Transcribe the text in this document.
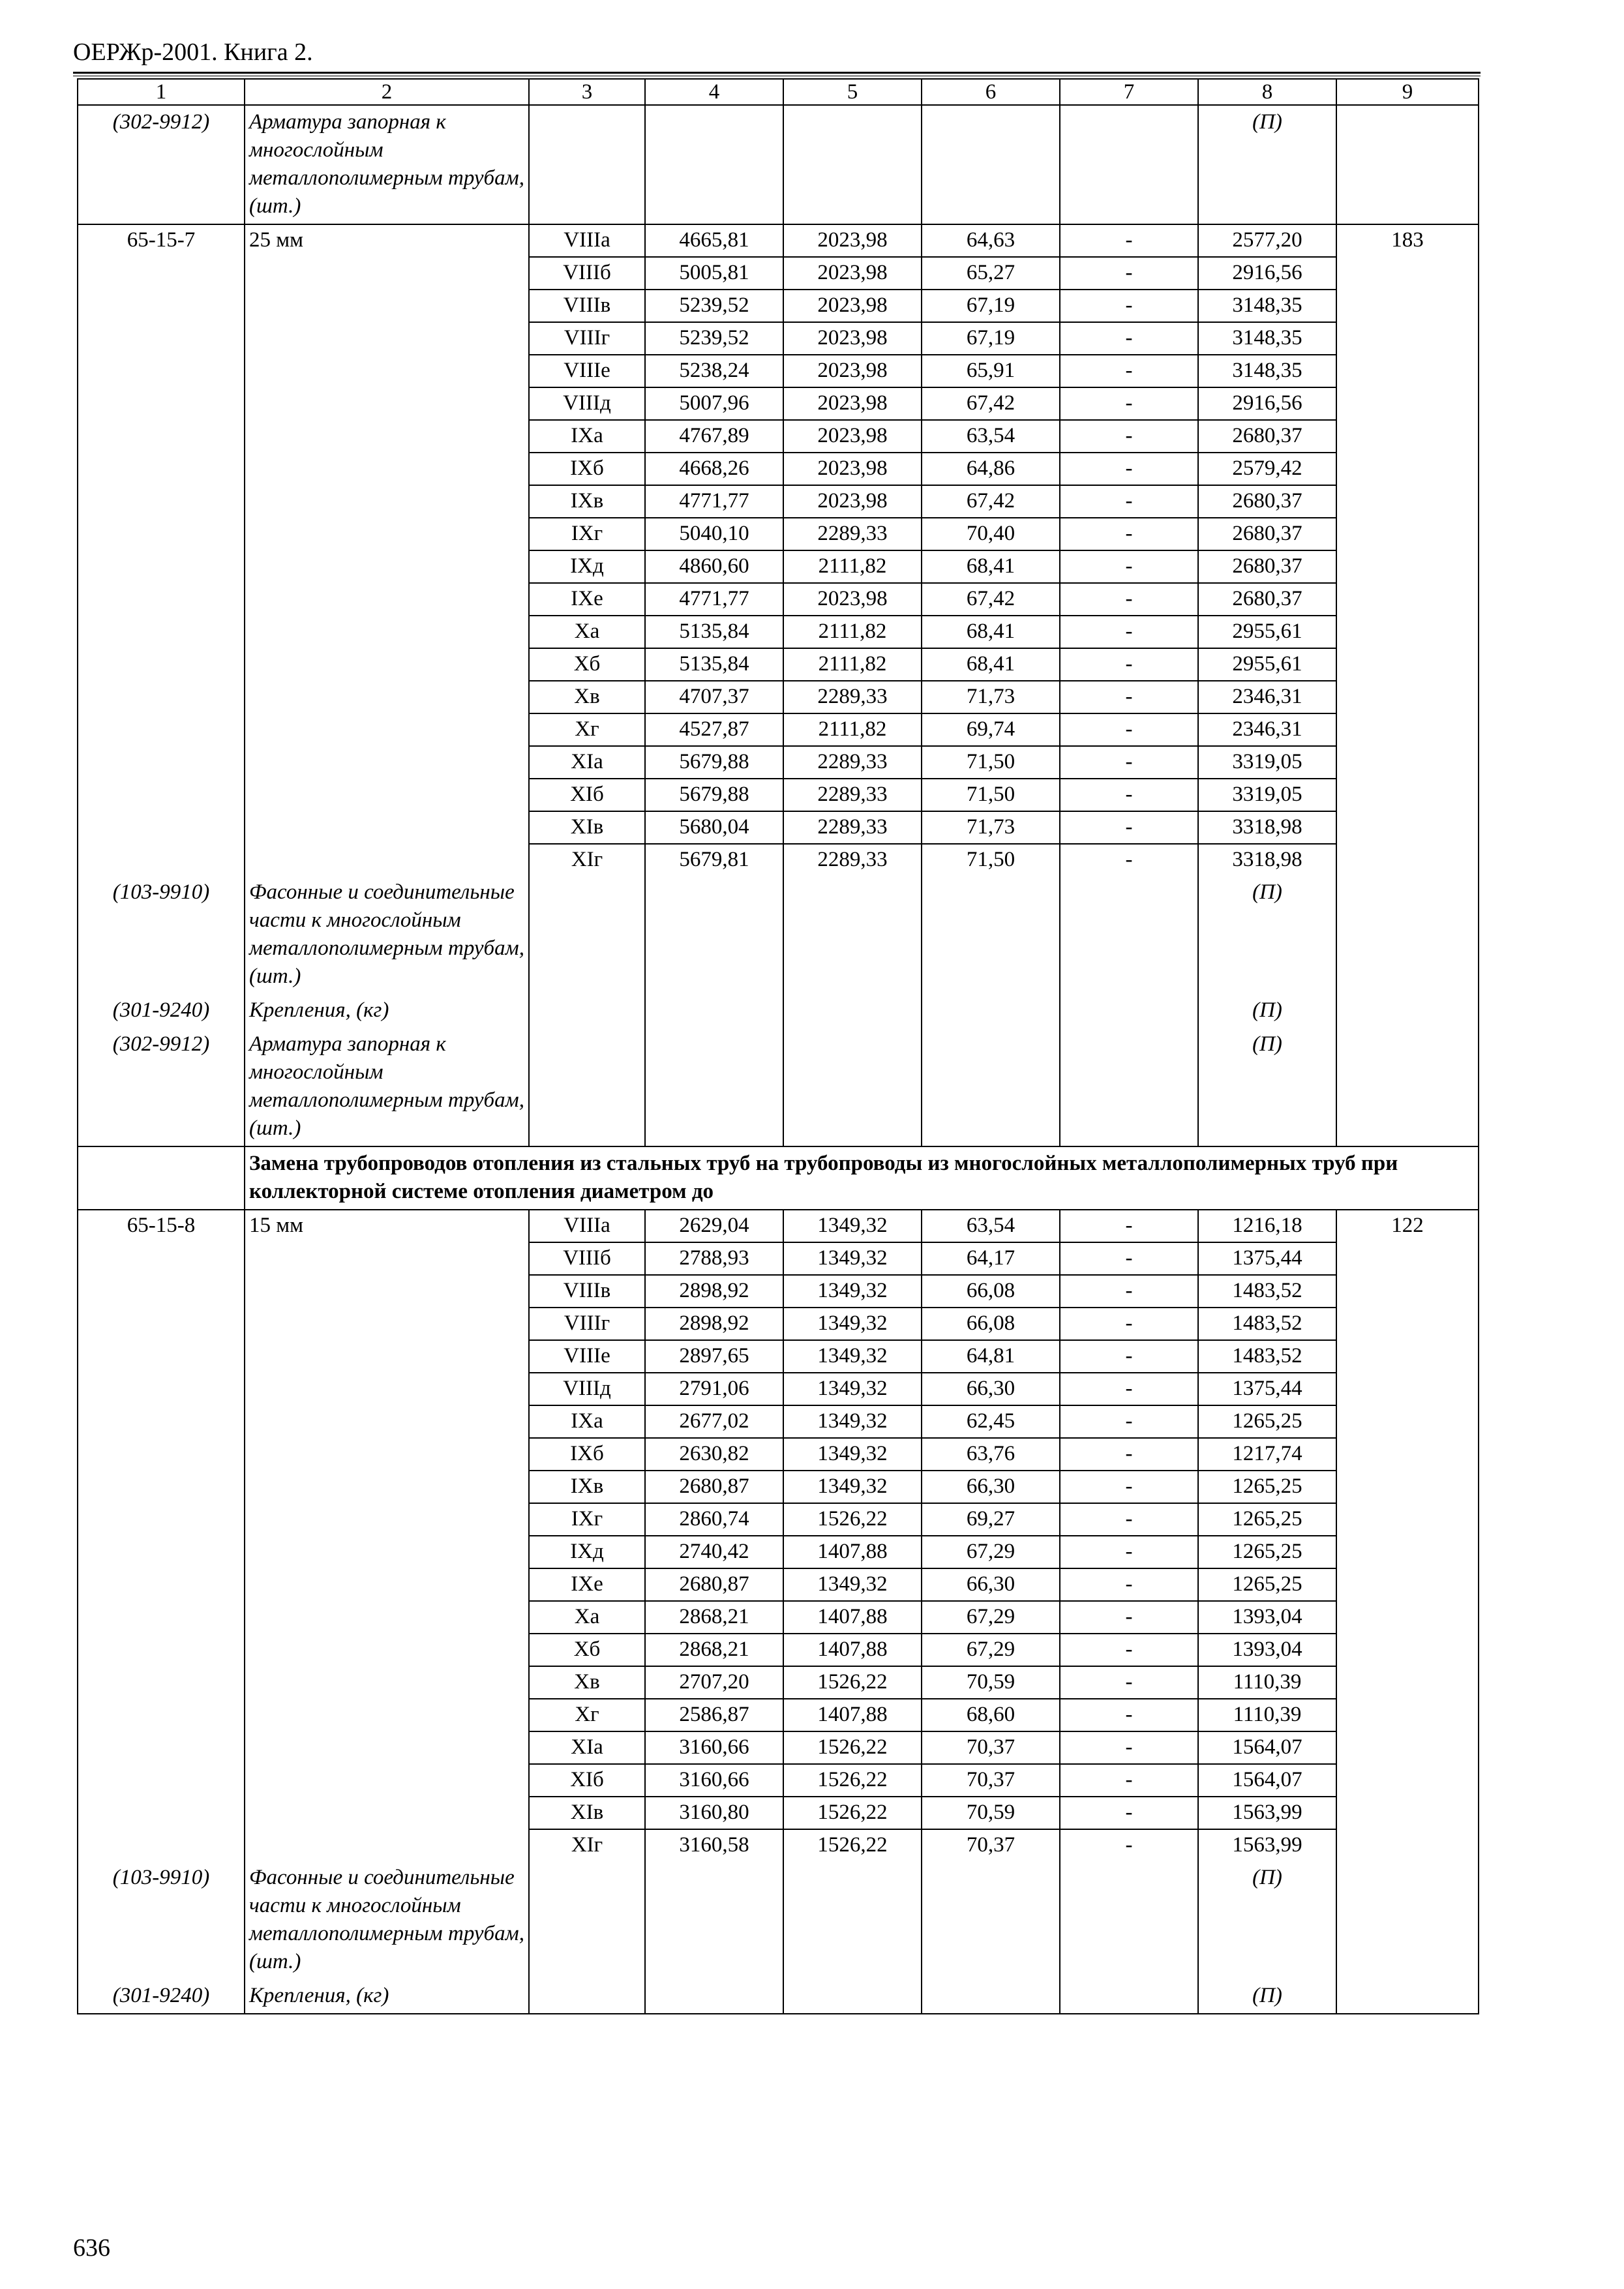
ОЕРЖр-2001. Книга 2.
1	2	3	4	5	6	7	8	9
(302-9912)	Арматура запорная к многослойным металлополимерным трубам, (шт.)						(П)	
65-15-7	25 мм	VIIIа	4665,81	2023,98	64,63	-	2577,20	183
		VIIIб	5005,81	2023,98	65,27	-	2916,56	
		VIIIв	5239,52	2023,98	67,19	-	3148,35	
		VIIIг	5239,52	2023,98	67,19	-	3148,35	
		VIIIе	5238,24	2023,98	65,91	-	3148,35	
		VIIIд	5007,96	2023,98	67,42	-	2916,56	
		IXа	4767,89	2023,98	63,54	-	2680,37	
		IXб	4668,26	2023,98	64,86	-	2579,42	
		IXв	4771,77	2023,98	67,42	-	2680,37	
		IXг	5040,10	2289,33	70,40	-	2680,37	
		IXд	4860,60	2111,82	68,41	-	2680,37	
		IXе	4771,77	2023,98	67,42	-	2680,37	
		Xа	5135,84	2111,82	68,41	-	2955,61	
		Xб	5135,84	2111,82	68,41	-	2955,61	
		Xв	4707,37	2289,33	71,73	-	2346,31	
		Xг	4527,87	2111,82	69,74	-	2346,31	
		XIа	5679,88	2289,33	71,50	-	3319,05	
		XIб	5679,88	2289,33	71,50	-	3319,05	
		XIв	5680,04	2289,33	71,73	-	3318,98	
		XIг	5679,81	2289,33	71,50	-	3318,98	
(103-9910)	Фасонные и соединительные части к многослойным металлополимерным трубам, (шт.)						(П)	
(301-9240)	Крепления, (кг)						(П)	
(302-9912)	Арматура запорная к многослойным металлополимерным трубам, (шт.)						(П)	
	Замена трубопроводов отопления из стальных труб на трубопроводы из многослойных металлополимерных труб при коллекторной системе отопления диаметром до							
65-15-8	15 мм	VIIIа	2629,04	1349,32	63,54	-	1216,18	122
		VIIIб	2788,93	1349,32	64,17	-	1375,44	
		VIIIв	2898,92	1349,32	66,08	-	1483,52	
		VIIIг	2898,92	1349,32	66,08	-	1483,52	
		VIIIе	2897,65	1349,32	64,81	-	1483,52	
		VIIIд	2791,06	1349,32	66,30	-	1375,44	
		IXа	2677,02	1349,32	62,45	-	1265,25	
		IXб	2630,82	1349,32	63,76	-	1217,74	
		IXв	2680,87	1349,32	66,30	-	1265,25	
		IXг	2860,74	1526,22	69,27	-	1265,25	
		IXд	2740,42	1407,88	67,29	-	1265,25	
		IXе	2680,87	1349,32	66,30	-	1265,25	
		Xа	2868,21	1407,88	67,29	-	1393,04	
		Xб	2868,21	1407,88	67,29	-	1393,04	
		Xв	2707,20	1526,22	70,59	-	1110,39	
		Xг	2586,87	1407,88	68,60	-	1110,39	
		XIа	3160,66	1526,22	70,37	-	1564,07	
		XIб	3160,66	1526,22	70,37	-	1564,07	
		XIв	3160,80	1526,22	70,59	-	1563,99	
		XIг	3160,58	1526,22	70,37	-	1563,99	
(103-9910)	Фасонные и соединительные части к многослойным металлополимерным трубам, (шт.)						(П)	
(301-9240)	Крепления, (кг)						(П)	
636
